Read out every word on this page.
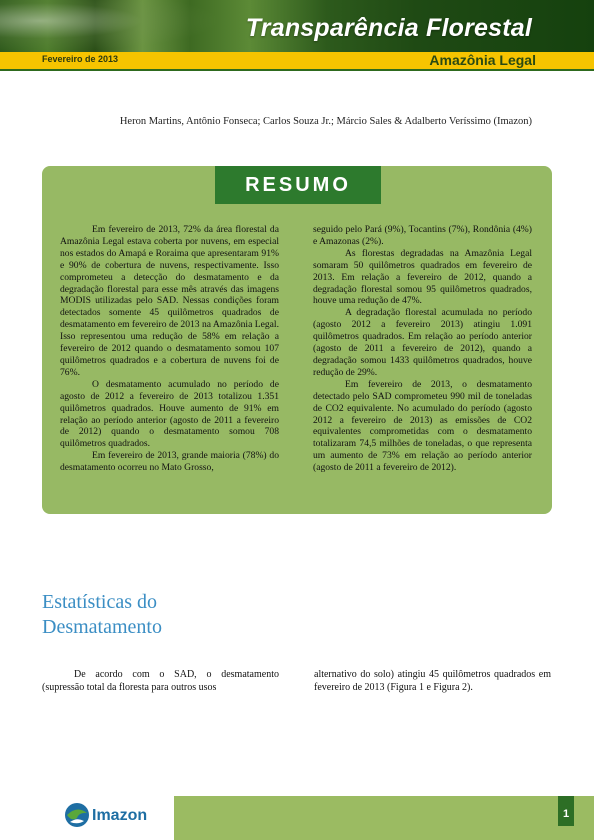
Transparência Florestal
Fevereiro de 2013	Amazônia Legal
Heron Martins, Antônio Fonseca; Carlos Souza Jr.; Márcio Sales & Adalberto Veríssimo (Imazon)
RESUMO

Em fevereiro de 2013, 72% da área florestal da Amazônia Legal estava coberta por nuvens, em especial nos estados do Amapá e Roraima que apresentaram 91% e 90% de cobertura de nuvens, respectivamente. Isso comprometeu a detecção do desmatamento e da degradação florestal para esse mês através das imagens MODIS utilizadas pelo SAD. Nessas condições foram detectados somente 45 quilômetros quadrados de desmatamento em fevereiro de 2013 na Amazônia Legal. Isso representou uma redução de 58% em relação a fevereiro de 2012 quando o desmatamento somou 107 quilômetros quadrados e a cobertura de nuvens foi de 76%.

O desmatamento acumulado no período de agosto de 2012 a fevereiro de 2013 totalizou 1.351 quilômetros quadrados. Houve aumento de 91% em relação ao período anterior (agosto de 2011 a fevereiro de 2012) quando o desmatamento somou 708 quilômetros quadrados.

Em fevereiro de 2013, grande maioria (78%) do desmatamento ocorreu no Mato Grosso,

seguido pelo Pará (9%), Tocantins (7%), Rondônia (4%) e Amazonas (2%).

As florestas degradadas na Amazônia Legal somaram 50 quilômetros quadrados em fevereiro de 2013. Em relação a fevereiro de 2012, quando a degradação florestal somou 95 quilômetros quadrados, houve uma redução de 47%.

A degradação florestal acumulada no período (agosto 2012 a fevereiro 2013) atingiu 1.091 quilômetros quadrados. Em relação ao período anterior (agosto de 2011 a fevereiro de 2012), quando a degradação somou 1433 quilômetros quadrados, houve redução de 29%.

Em fevereiro de 2013, o desmatamento detectado pelo SAD comprometeu 990 mil de toneladas de CO2 equivalente. No acumulado do período (agosto 2012 a fevereiro de 2013) as emissões de CO2 equivalentes comprometidas com o desmatamento totalizaram 74,5 milhões de toneladas, o que representa um aumento de 73% em relação ao período anterior (agosto de 2011 a fevereiro de 2012).

Estatísticas do
Desmatamento

De acordo com o SAD, o desmatamento (supressão total da floresta para outros usos

alternativo do solo) atingiu 45 quilômetros quadrados em fevereiro de 2013 (Figura 1 e Figura 2).

1
Imazon
